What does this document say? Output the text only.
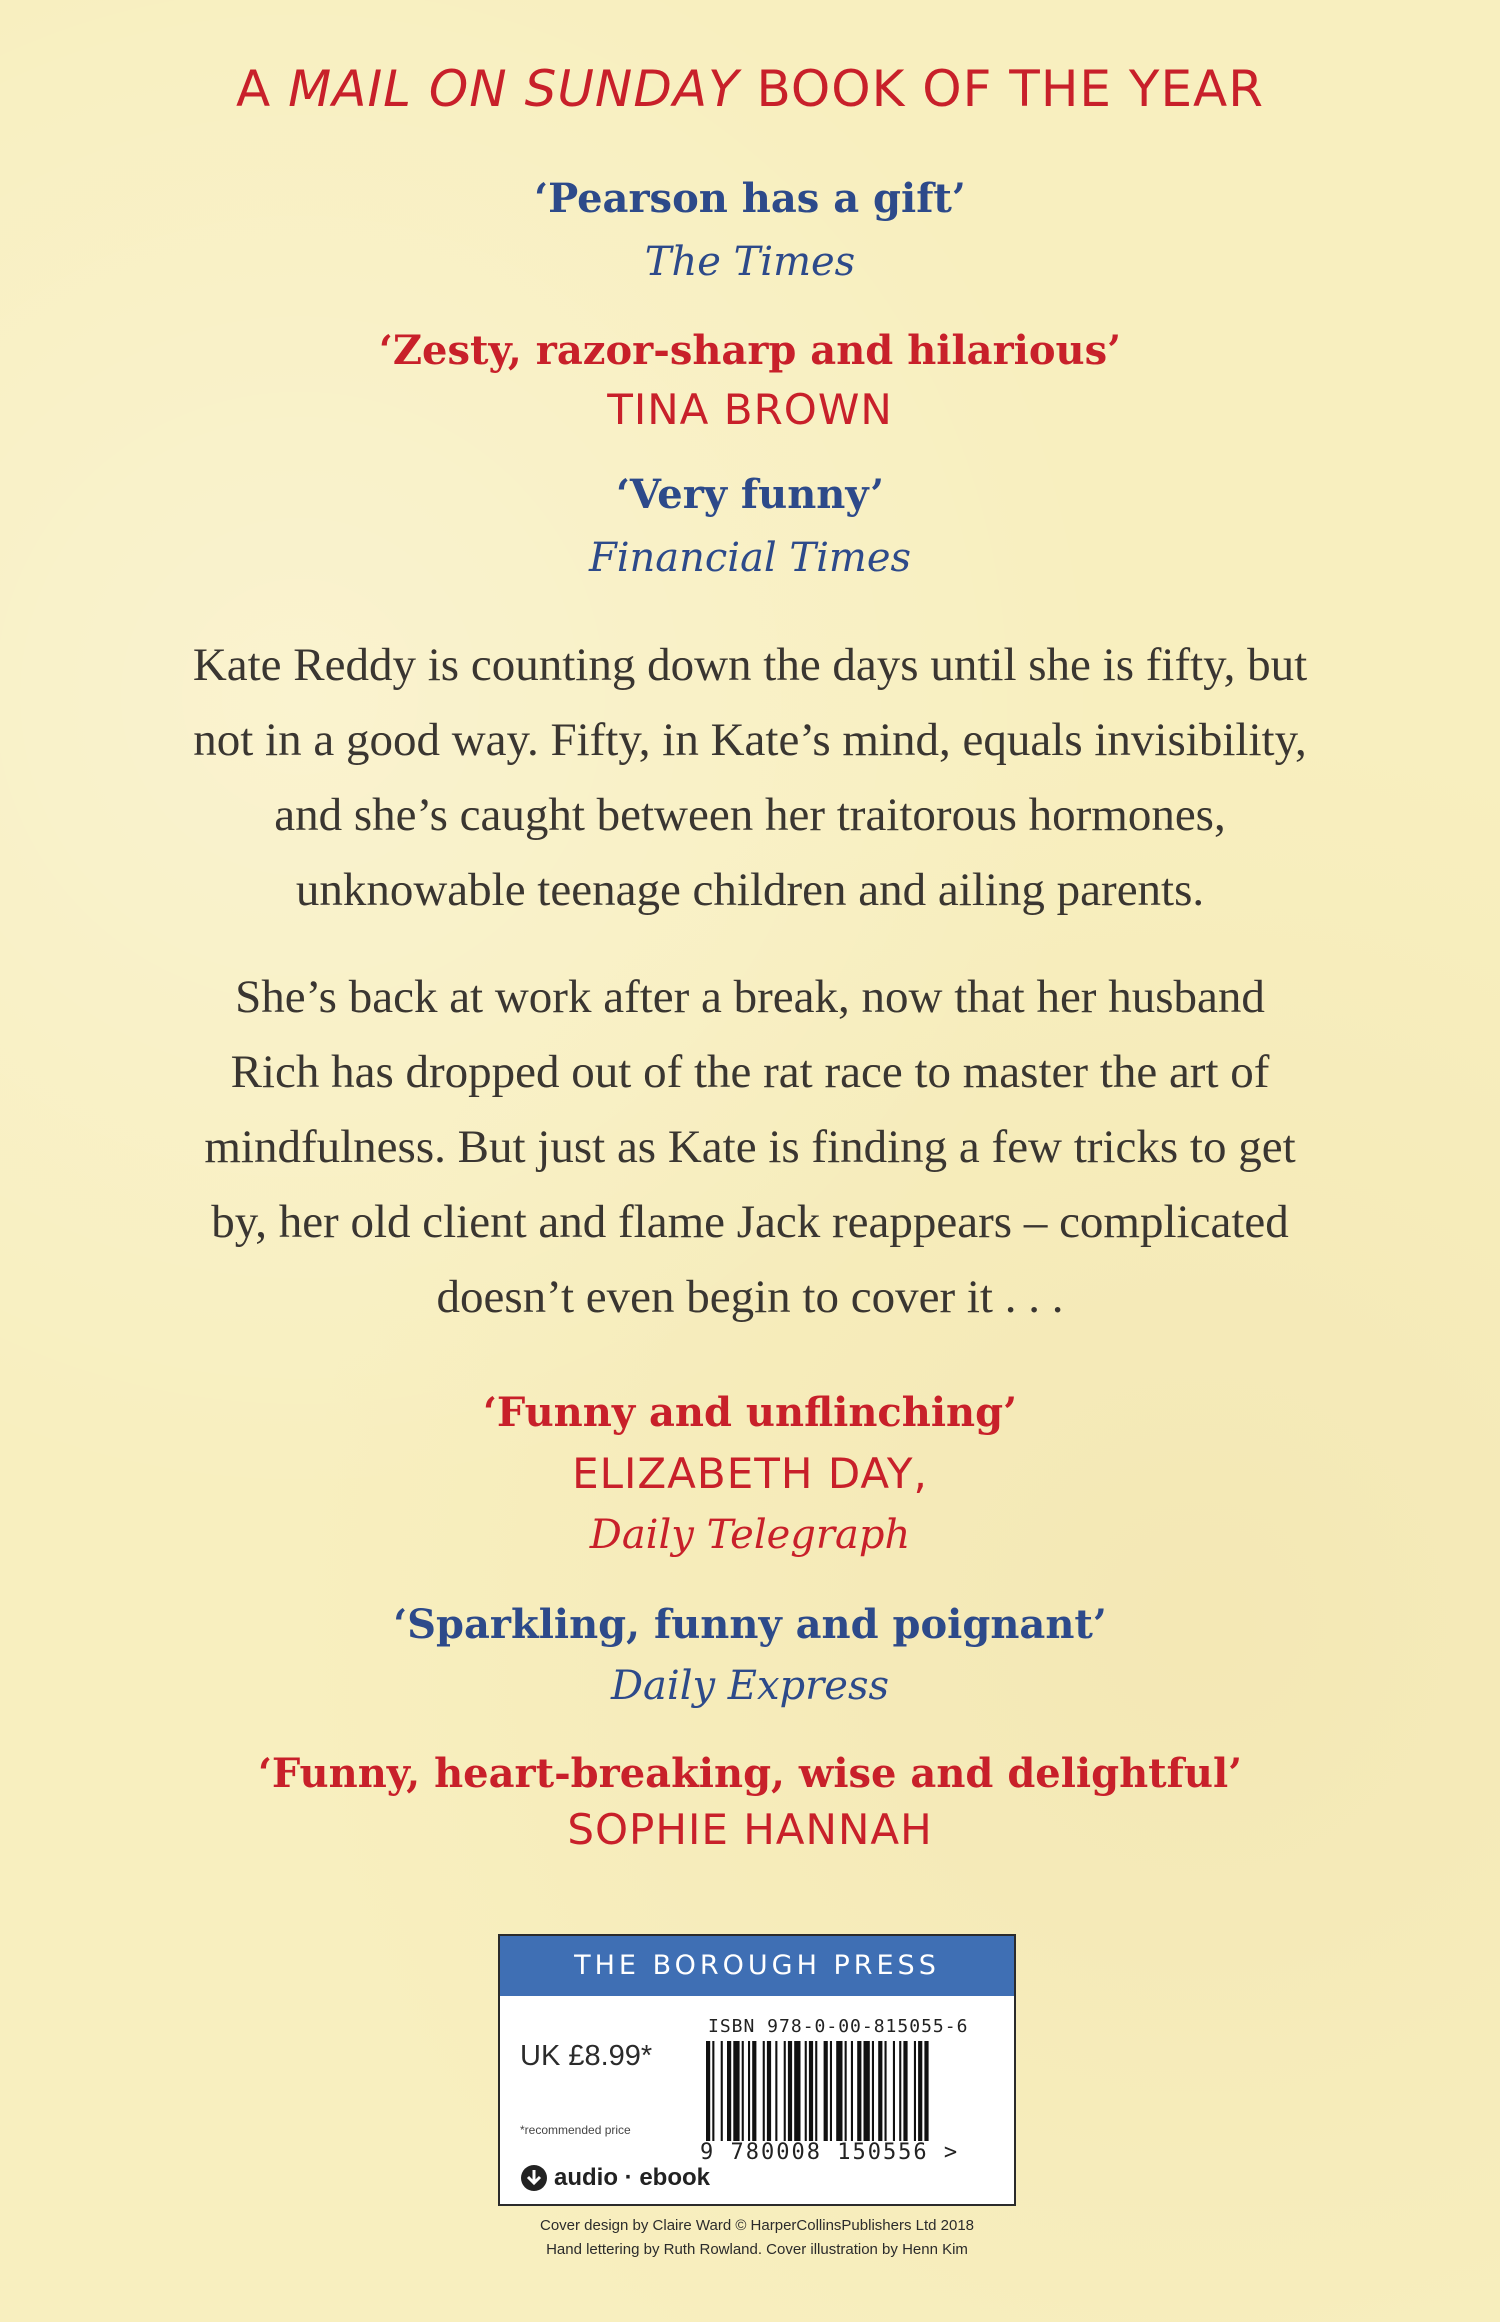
A MAIL ON SUNDAY BOOK OF THE YEAR
‘Pearson has a gift’
The Times
‘Zesty, razor-sharp and hilarious’
TINA BROWN
‘Very funny’
Financial Times
Kate Reddy is counting down the days until she is fifty, but
not in a good way. Fifty, in Kate’s mind, equals invisibility,
and she’s caught between her traitorous hormones,
unknowable teenage children and ailing parents.
She’s back at work after a break, now that her husband
Rich has dropped out of the rat race to master the art of
mindfulness. But just as Kate is finding a few tricks to get
by, her old client and flame Jack reappears – complicated
doesn’t even begin to cover it . . .
‘Funny and unflinching’
ELIZABETH DAY,
Daily Telegraph
‘Sparkling, funny and poignant’
Daily Express
‘Funny, heart-breaking, wise and delightful’
SOPHIE HANNAH
THE BOROUGH PRESS
ISBN 978-0-00-815055-6
UK £8.99*
*recommended price
9 780008 150556 >
audio · ebook
Cover design by Claire Ward © HarperCollinsPublishers Ltd 2018
Hand lettering by Ruth Rowland. Cover illustration by Henn Kim
